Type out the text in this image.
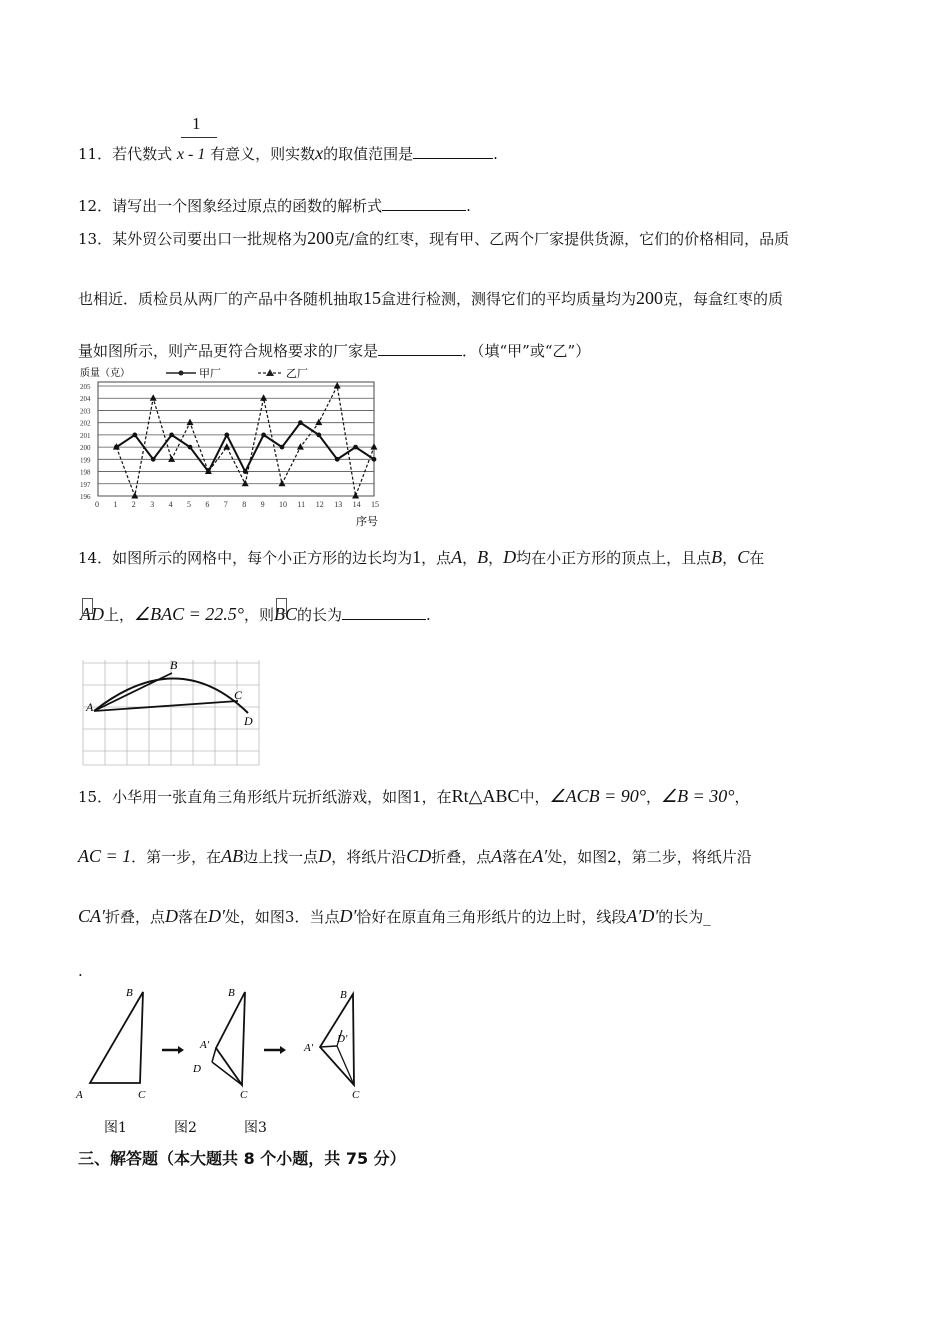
1
11．若代数式 x - 1 有意义，则实数x的取值范围是	.
12．请写出一个图象经过原点的函数的解析式	.
13．某外贸公司要出口一批规格为200克/盒的红枣，现有甲、乙两个厂家提供货源，它们的价格相同，品质
也相近．质检员从两厂的产品中各随机抽取15盒进行检测，测得它们的平均质量均为200克，每盒红枣的质
量如图所示，则产品更符合规格要求的厂家是	．（填“甲”或“乙”）
质量（克）	甲厂	乙厂
196
197
198
199
200
201
202
203
204
205
0 1 2 3 4 5 6 7 8 9 10 11 12 13 14 15
序号
14．如图所示的网格中，每个小正方形的边长均为1，点A，B，D均在小正方形的顶点上，且点B，C在
AD上，∠BAC = 22.5°，则
BC的长为	.
A
B
C
D
15．小华用一张直角三角形纸片玩折纸游戏，如图1，在Rt△ABC中，∠ACB = 90°，∠B = 30°，
AC = 1．第一步，在AB边上找一点D，将纸片沿CD折叠，点A落在A′处，如图2，第二步，将纸片沿
CA′折叠，点D落在D′处，如图3．当点D′恰好在原直角三角形纸片的边上时，线段A′D′的长为_
.
A	C
B	B
A′
D
C
B
A′
D′
C
图1	图2	图3
三、解答题（本大题共 8 个小题，共 75 分）
